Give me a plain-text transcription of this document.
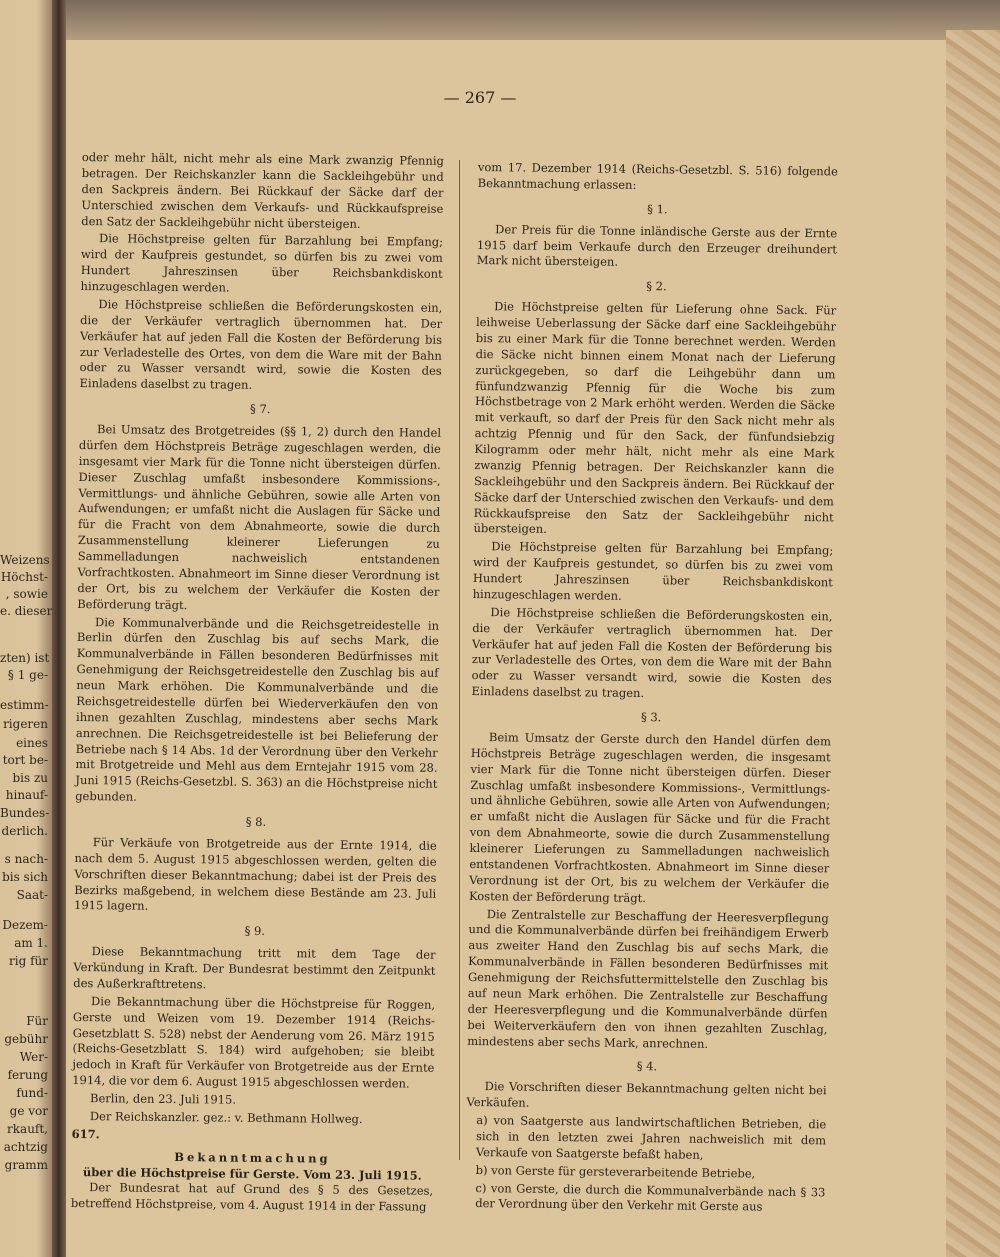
Weizens
Höchst-
, sowie
e. dieser
zten) ist
§ 1 ge-
estimm-
rigeren
eines
tort be-
bis zu
hinauf-
Bundes-
derlich.
s nach-
bis sich
Saat-
Dezem-
am 1.
rig für
Für
gebühr
Wer-
ferung
fund-
ge vor
rkauft,
achtzig
gramm
— 267 —

oder mehr hält, nicht mehr als eine Mark zwanzig Pfennig betragen. Der Reichskanzler kann die Sackleihgebühr und den Sackpreis ändern. Bei Rückkauf der Säcke darf der Unterschied zwischen dem Verkaufs- und Rückkaufspreise den Satz der Sackleihgebühr nicht übersteigen.

Die Höchstpreise gelten für Barzahlung bei Empfang; wird der Kaufpreis gestundet, so dürfen bis zu zwei vom Hundert Jahreszinsen über Reichsbankdiskont hinzugeschlagen werden.

Die Höchstpreise schließen die Beförderungskosten ein, die der Verkäufer vertraglich übernommen hat. Der Verkäufer hat auf jeden Fall die Kosten der Beförderung bis zur Verladestelle des Ortes, von dem die Ware mit der Bahn oder zu Wasser versandt wird, sowie die Kosten des Einladens daselbst zu tragen.

§ 7.

Bei Umsatz des Brotgetreides (§§ 1, 2) durch den Handel dürfen dem Höchstpreis Beträge zugeschlagen werden, die insgesamt vier Mark für die Tonne nicht übersteigen dürfen. Dieser Zuschlag umfaßt insbesondere Kommissions-, Vermittlungs- und ähnliche Gebühren, sowie alle Arten von Aufwendungen; er umfaßt nicht die Auslagen für Säcke und für die Fracht von dem Abnahmeorte, sowie die durch Zusammenstellung kleinerer Lieferungen zu Sammelladungen nachweislich entstandenen Vorfrachtkosten. Abnahmeort im Sinne dieser Verordnung ist der Ort, bis zu welchem der Verkäufer die Kosten der Beförderung trägt.

Die Kommunalverbände und die Reichsgetreidestelle in Berlin dürfen den Zuschlag bis auf sechs Mark, die Kommunalverbände in Fällen besonderen Bedürfnisses mit Genehmigung der Reichsgetreidestelle den Zuschlag bis auf neun Mark erhöhen. Die Kommunalverbände und die Reichsgetreidestelle dürfen bei Wiederverkäufen den von ihnen gezahlten Zuschlag, mindestens aber sechs Mark anrechnen. Die Reichsgetreidestelle ist bei Belieferung der Betriebe nach § 14 Abs. 1d der Verordnung über den Verkehr mit Brotgetreide und Mehl aus dem Erntejahr 1915 vom 28. Juni 1915 (Reichs-Gesetzbl. S. 363) an die Höchstpreise nicht gebunden.

§ 8.

Für Verkäufe von Brotgetreide aus der Ernte 1914, die nach dem 5. August 1915 abgeschlossen werden, gelten die Vorschriften dieser Bekanntmachung; dabei ist der Preis des Bezirks maßgebend, in welchem diese Bestände am 23. Juli 1915 lagern.

§ 9.

Diese Bekanntmachung tritt mit dem Tage der Verkündung in Kraft. Der Bundesrat bestimmt den Zeitpunkt des Außerkrafttretens.

Die Bekanntmachung über die Höchstpreise für Roggen, Gerste und Weizen vom 19. Dezember 1914 (Reichs-Gesetzblatt S. 528) nebst der Aenderung vom 26. März 1915 (Reichs-Gesetzblatt S. 184) wird aufgehoben; sie bleibt jedoch in Kraft für Verkäufer von Brotgetreide aus der Ernte 1914, die vor dem 6. August 1915 abgeschlossen werden.

Berlin, den 23. Juli 1915.

Der Reichskanzler. gez.: v. Bethmann Hollweg.

617.

Bekanntmachung
über die Höchstpreise für Gerste. Vom 23. Juli 1915.

Der Bundesrat hat auf Grund des § 5 des Gesetzes, betreffend Höchstpreise, vom 4. August 1914 in der Fassung

vom 17. Dezember 1914 (Reichs-Gesetzbl. S. 516) folgende Bekanntmachung erlassen:

§ 1.

Der Preis für die Tonne inländische Gerste aus der Ernte 1915 darf beim Verkaufe durch den Erzeuger dreihundert Mark nicht übersteigen.

§ 2.

Die Höchstpreise gelten für Lieferung ohne Sack. Für leihweise Ueberlassung der Säcke darf eine Sackleihgebühr bis zu einer Mark für die Tonne berechnet werden. Werden die Säcke nicht binnen einem Monat nach der Lieferung zurückgegeben, so darf die Leihgebühr dann um fünfundzwanzig Pfennig für die Woche bis zum Höchstbetrage von 2 Mark erhöht werden. Werden die Säcke mit verkauft, so darf der Preis für den Sack nicht mehr als achtzig Pfennig und für den Sack, der fünfundsiebzig Kilogramm oder mehr hält, nicht mehr als eine Mark zwanzig Pfennig betragen. Der Reichskanzler kann die Sackleihgebühr und den Sackpreis ändern. Bei Rückkauf der Säcke darf der Unterschied zwischen den Verkaufs- und dem Rückkaufspreise den Satz der Sackleihgebühr nicht übersteigen.

Die Höchstpreise gelten für Barzahlung bei Empfang; wird der Kaufpreis gestundet, so dürfen bis zu zwei vom Hundert Jahreszinsen über Reichsbankdiskont hinzugeschlagen werden.

Die Höchstpreise schließen die Beförderungskosten ein, die der Verkäufer vertraglich übernommen hat. Der Verkäufer hat auf jeden Fall die Kosten der Beförderung bis zur Verladestelle des Ortes, von dem die Ware mit der Bahn oder zu Wasser versandt wird, sowie die Kosten des Einladens daselbst zu tragen.

§ 3.

Beim Umsatz der Gerste durch den Handel dürfen dem Höchstpreis Beträge zugeschlagen werden, die insgesamt vier Mark für die Tonne nicht übersteigen dürfen. Dieser Zuschlag umfaßt insbesondere Kommissions-, Vermittlungs- und ähnliche Gebühren, sowie alle Arten von Aufwendungen; er umfaßt nicht die Auslagen für Säcke und für die Fracht von dem Abnahmeorte, sowie die durch Zusammenstellung kleinerer Lieferungen zu Sammelladungen nachweislich entstandenen Vorfrachtkosten. Abnahmeort im Sinne dieser Verordnung ist der Ort, bis zu welchem der Verkäufer die Kosten der Beförderung trägt.

Die Zentralstelle zur Beschaffung der Heeresverpflegung und die Kommunalverbände dürfen bei freihändigem Erwerb aus zweiter Hand den Zuschlag bis auf sechs Mark, die Kommunalverbände in Fällen besonderen Bedürfnisses mit Genehmigung der Reichsfuttermittelstelle den Zuschlag bis auf neun Mark erhöhen. Die Zentralstelle zur Beschaffung der Heeresverpflegung und die Kommunalverbände dürfen bei Weiterverkäufern den von ihnen gezahlten Zuschlag, mindestens aber sechs Mark, anrechnen.

§ 4.

Die Vorschriften dieser Bekanntmachung gelten nicht bei Verkäufen.

a) von Saatgerste aus landwirtschaftlichen Betrieben, die sich in den letzten zwei Jahren nachweislich mit dem Verkaufe von Saatgerste befaßt haben,
b) von Gerste für gersteverarbeitende Betriebe,
c) von Gerste, die durch die Kommunalverbände nach § 33 der Verordnung über den Verkehr mit Gerste aus
